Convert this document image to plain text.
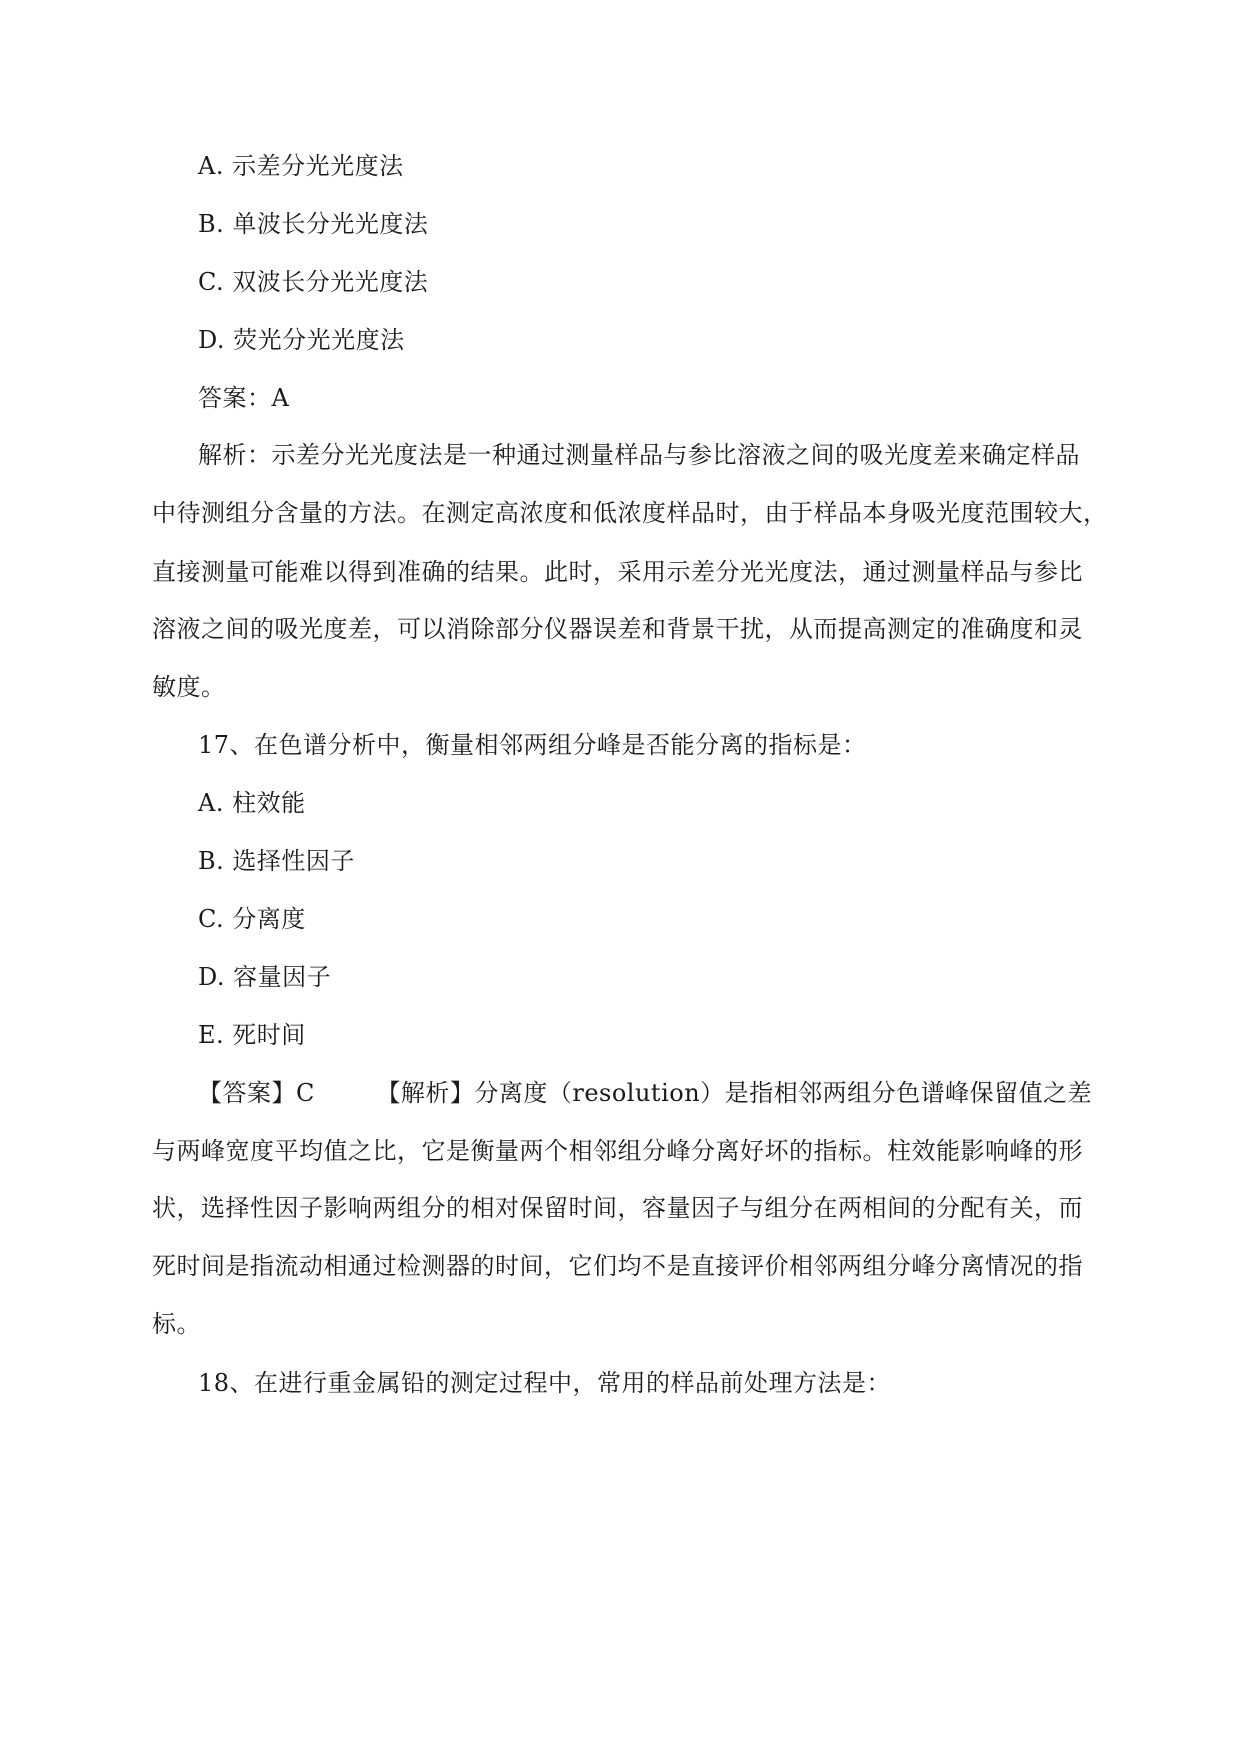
A. 示差分光光度法
B. 单波长分光光度法
C. 双波长分光光度法
D. 荧光分光光度法
答案：A
解析：示差分光光度法是一种通过测量样品与参比溶液之间的吸光度差来确定样品
中待测组分含量的方法。在测定高浓度和低浓度样品时，由于样品本身吸光度范围较大，
直接测量可能难以得到准确的结果。此时，采用示差分光光度法，通过测量样品与参比
溶液之间的吸光度差，可以消除部分仪器误差和背景干扰，从而提高测定的准确度和灵
敏度。
17、在色谱分析中，衡量相邻两组分峰是否能分离的指标是：
A. 柱效能
B. 选择性因子
C. 分离度
D. 容量因子
E. 死时间
【答案】C　　　【解析】分离度（resolution）是指相邻两组分色谱峰保留值之差
与两峰宽度平均值之比，它是衡量两个相邻组分峰分离好坏的指标。柱效能影响峰的形
状，选择性因子影响两组分的相对保留时间，容量因子与组分在两相间的分配有关，而
死时间是指流动相通过检测器的时间，它们均不是直接评价相邻两组分峰分离情况的指
标。
18、在进行重金属铅的测定过程中，常用的样品前处理方法是：
